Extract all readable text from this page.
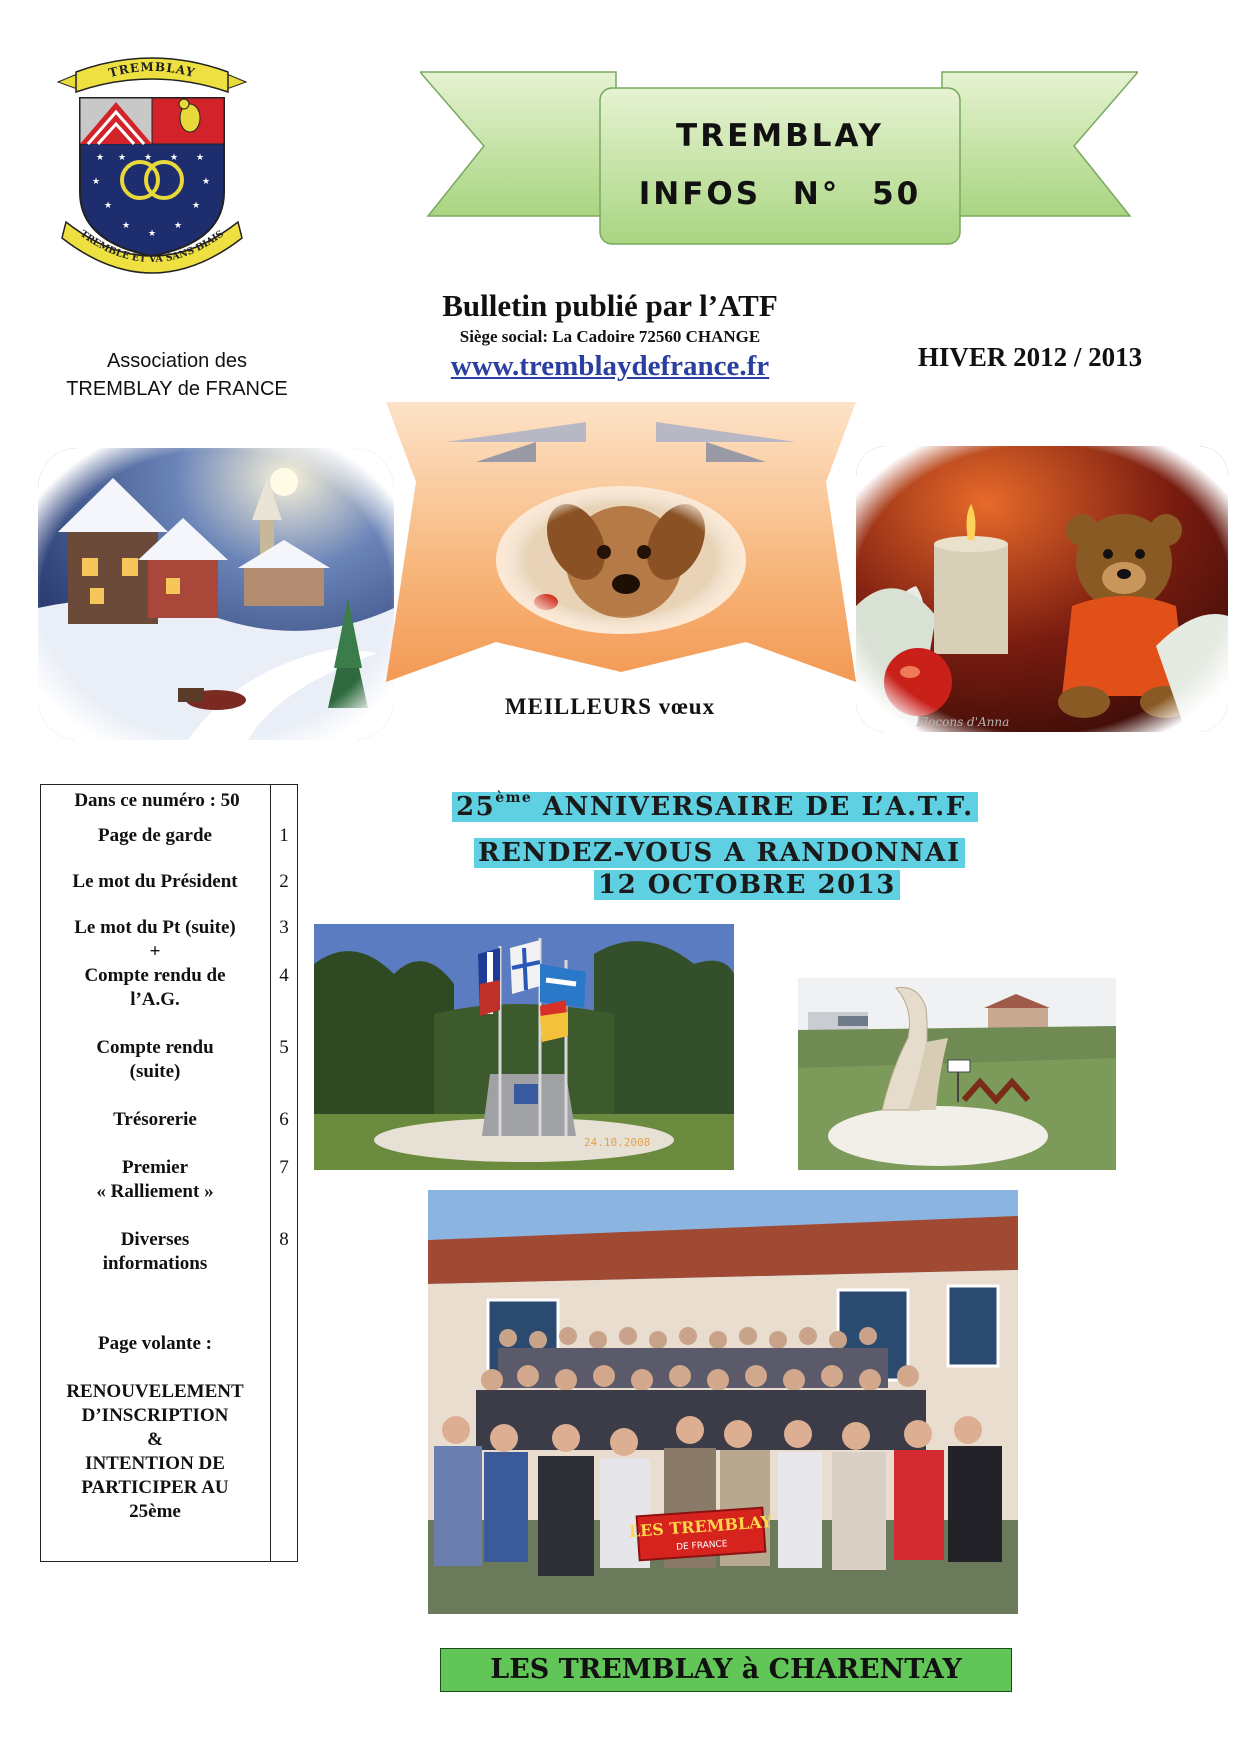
TREMBLAY
★ ★ ★ ★ ★
★	★
★	★
★
★
★
TREMBLE ET VA SANS BIAIS
TREMBLAY
INFOS N° 50
Bulletin publié par l’ATF
Siège social: La Cadoire 72560 CHANGE
www.tremblaydefrance.fr	HIVER 2012 / 2013
Association des
TREMBLAY de FRANCE
MEILLEURS vœux
Flocons d'Anna
Dans ce numéro : 50
Page de garde	1
Le mot du Président	2
Le mot du Pt (suite)	3
+
Compte rendu de	4
l’A.G.
Compte rendu	5
(suite)
Trésorerie	6
Premier	7
« Ralliement »
Diverses	8
informations
Page volante :
RENOUVELEMENT
D’INSCRIPTION
&
INTENTION DE
PARTICIPER AU
25ème
25ème ANNIVERSAIRE DE L’A.T.F.
RENDEZ-VOUS A RANDONNAI
12 OCTOBRE 2013
24.10.2008
LES TREMBLAY
DE FRANCE
LES TREMBLAY à CHARENTAY
